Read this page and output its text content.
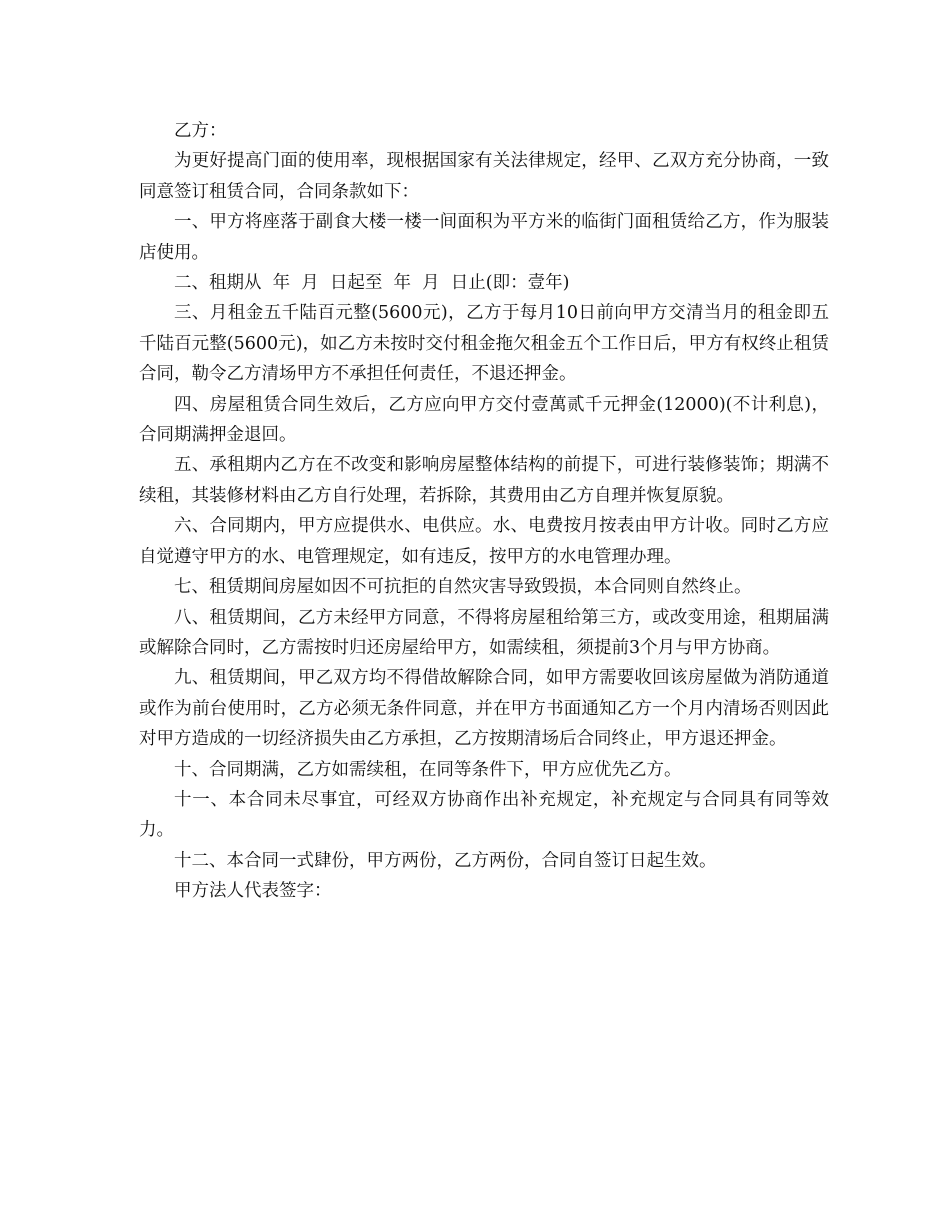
乙方：

为更好提高门面的使用率，现根据国家有关法律规定，经甲、乙双方充分协商，一致同意签订租赁合同，合同条款如下：

一、甲方将座落于副食大楼一楼一间面积为平方米的临街门面租赁给乙方，作为服装店使用。

二、租期从  年  月  日起至  年  月  日止(即：壹年)

三、月租金五千陆百元整(5600元)，乙方于每月10日前向甲方交清当月的租金即五千陆百元整(5600元)，如乙方未按时交付租金拖欠租金五个工作日后，甲方有权终止租赁合同，勒令乙方清场甲方不承担任何责任，不退还押金。

四、房屋租赁合同生效后，乙方应向甲方交付壹萬贰千元押金(12000)(不计利息)，合同期满押金退回。

五、承租期内乙方在不改变和影响房屋整体结构的前提下，可进行装修装饰；期满不续租，其装修材料由乙方自行处理，若拆除，其费用由乙方自理并恢复原貌。

六、合同期内，甲方应提供水、电供应。水、电费按月按表由甲方计收。同时乙方应自觉遵守甲方的水、电管理规定，如有违反，按甲方的水电管理办理。

七、租赁期间房屋如因不可抗拒的自然灾害导致毁损，本合同则自然终止。

八、租赁期间，乙方未经甲方同意，不得将房屋租给第三方，或改变用途，租期届满或解除合同时，乙方需按时归还房屋给甲方，如需续租，须提前3个月与甲方协商。

九、租赁期间，甲乙双方均不得借故解除合同，如甲方需要收回该房屋做为消防通道或作为前台使用时，乙方必须无条件同意，并在甲方书面通知乙方一个月内清场否则因此对甲方造成的一切经济损失由乙方承担，乙方按期清场后合同终止，甲方退还押金。

十、合同期满，乙方如需续租，在同等条件下，甲方应优先乙方。

十一、本合同未尽事宜，可经双方协商作出补充规定，补充规定与合同具有同等效力。

十二、本合同一式肆份，甲方两份，乙方两份，合同自签订日起生效。

甲方法人代表签字：
